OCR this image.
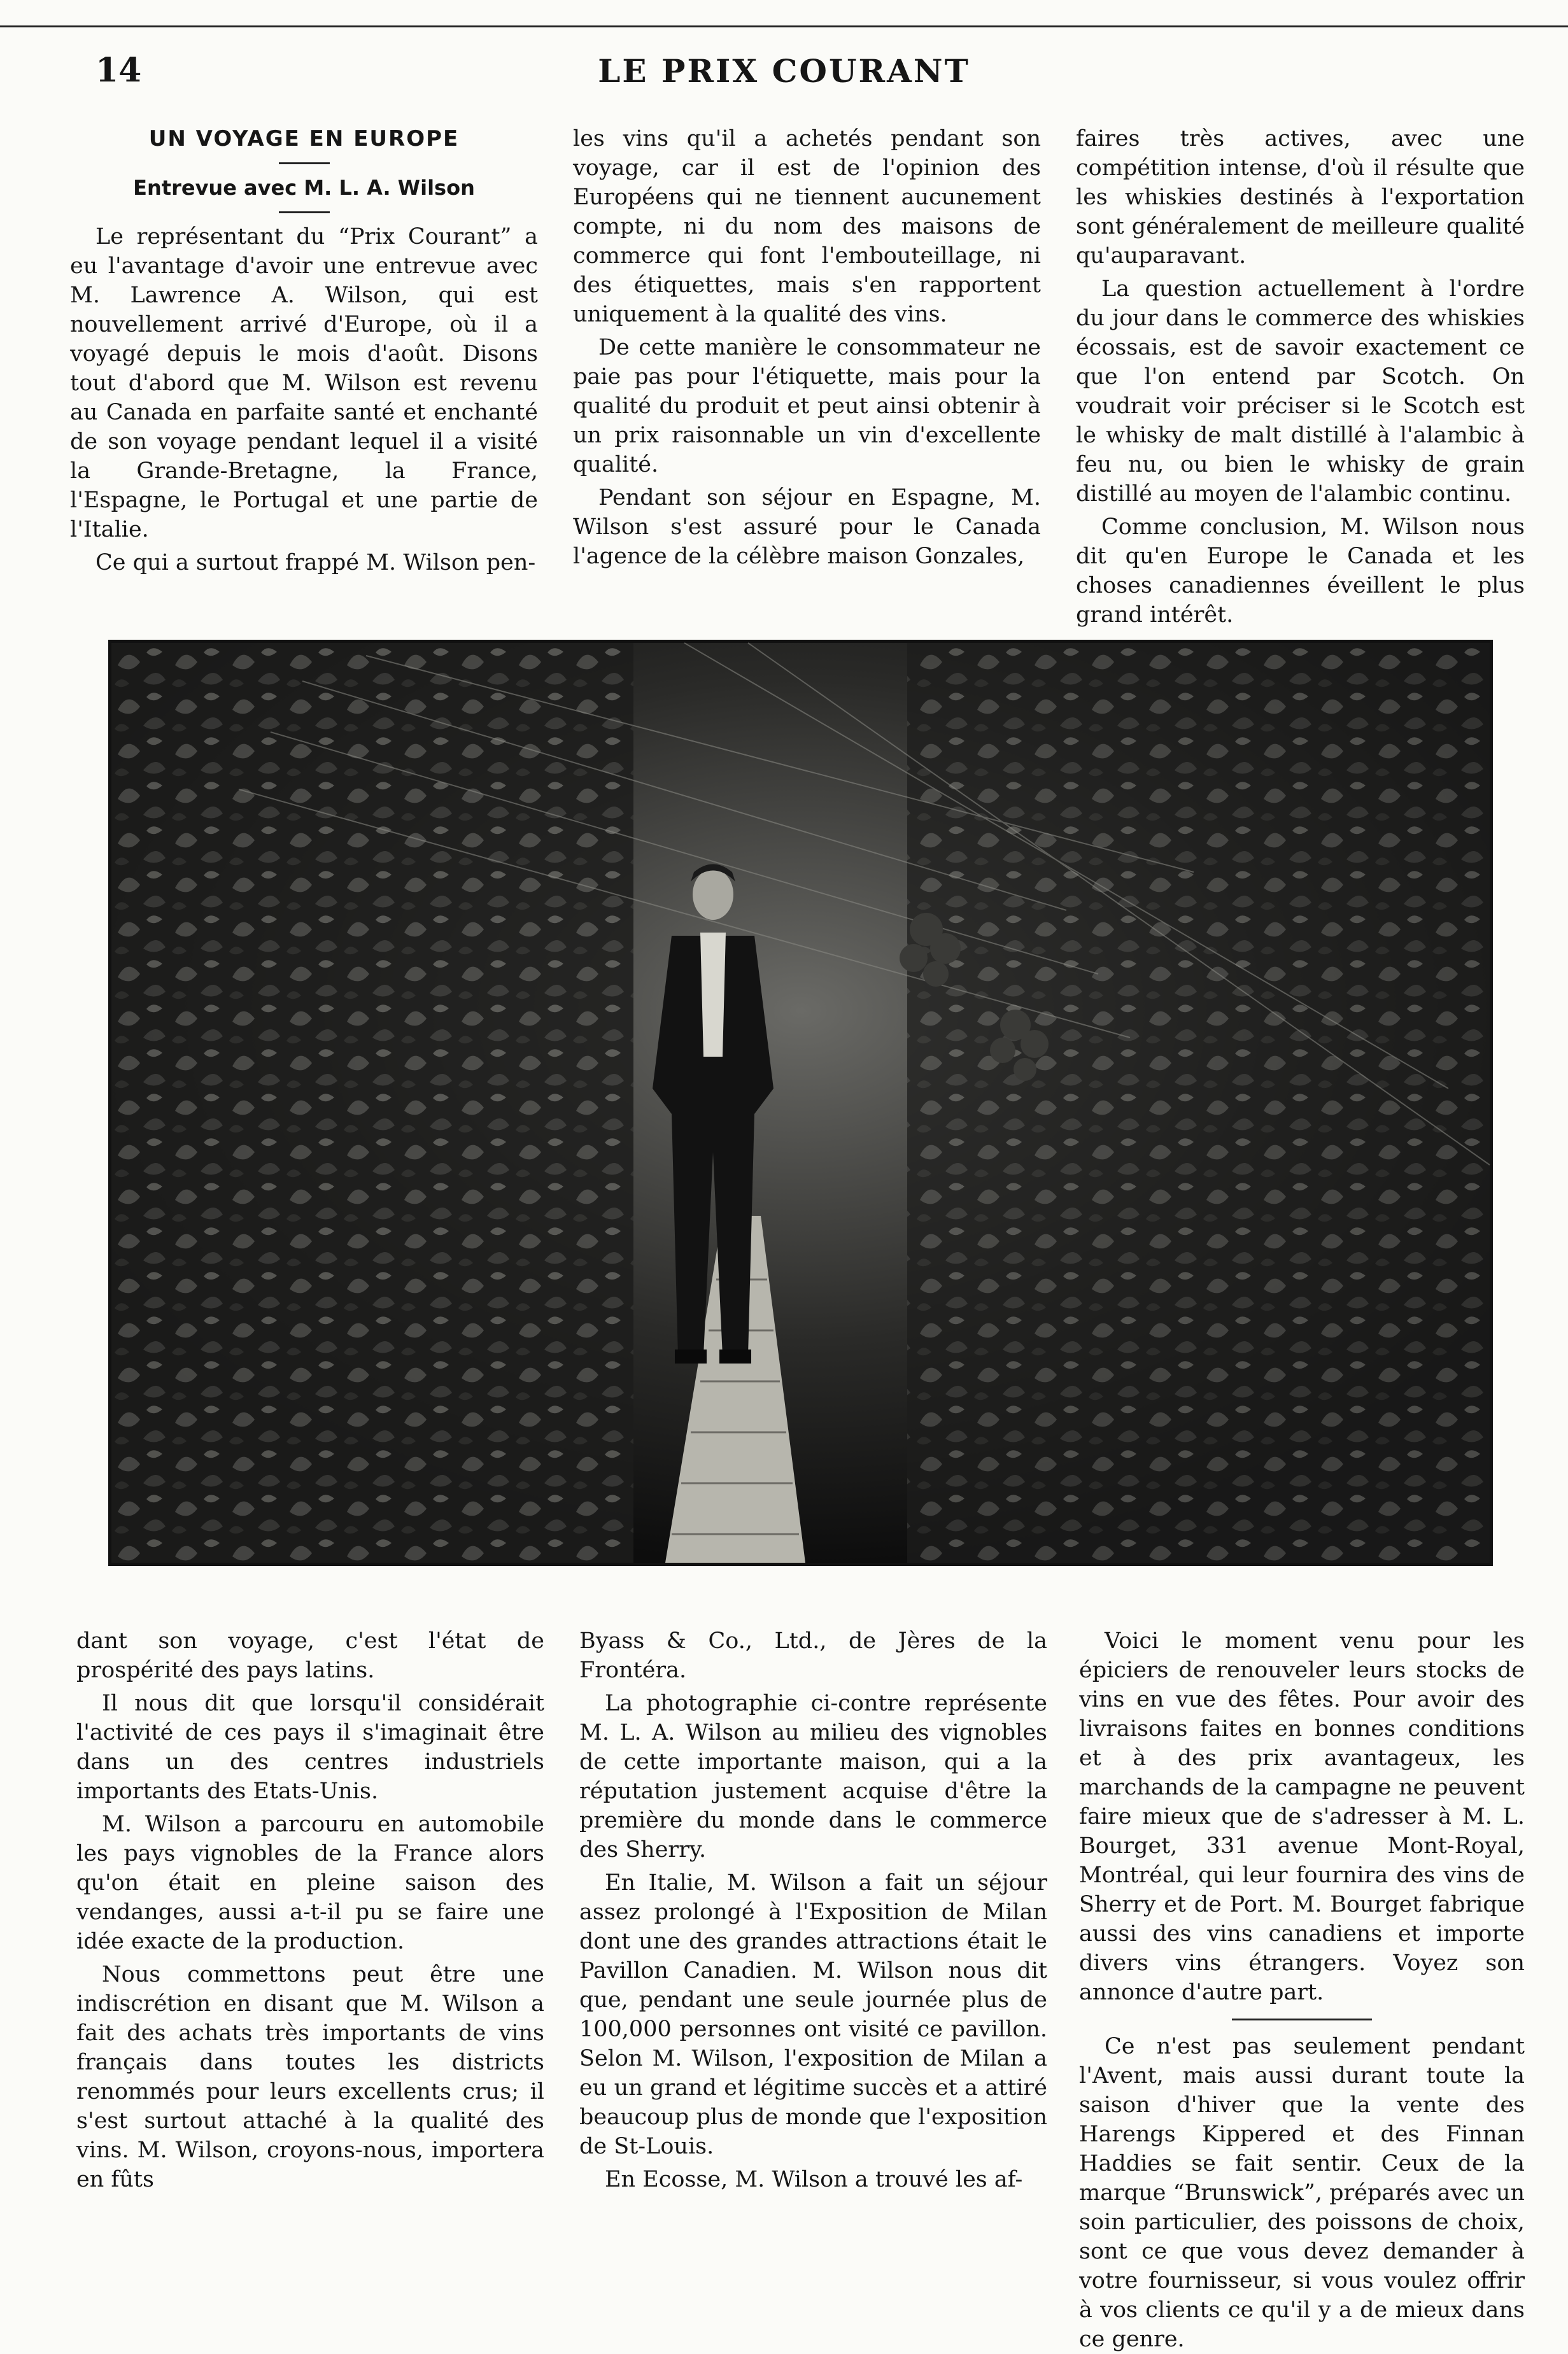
14	LE PRIX COURANT
UN VOYAGE EN EUROPE
Entrevue avec M. L. A. Wilson

Le représentant du “Prix Courant” a eu l'avantage d'avoir une entrevue avec M. Lawrence A. Wilson, qui est nouvellement arrivé d'Europe, où il a voyagé depuis le mois d'août. Disons tout d'abord que M. Wilson est revenu au Canada en parfaite santé et enchanté de son voyage pendant lequel il a visité la Grande-Bretagne, la France, l'Espagne, le Portugal et une partie de l'Italie.

Ce qui a surtout frappé M. Wilson pen-

les vins qu'il a achetés pendant son voyage, car il est de l'opinion des Européens qui ne tiennent aucunement compte, ni du nom des maisons de commerce qui font l'embouteillage, ni des étiquettes, mais s'en rapportent uniquement à la qualité des vins.

De cette manière le consommateur ne paie pas pour l'étiquette, mais pour la qualité du produit et peut ainsi obtenir à un prix raisonnable un vin d'excellente qualité.

Pendant son séjour en Espagne, M. Wilson s'est assuré pour le Canada l'agence de la célèbre maison Gonzales,

faires très actives, avec une compétition intense, d'où il résulte que les whiskies destinés à l'exportation sont généralement de meilleure qualité qu'auparavant.

La question actuellement à l'ordre du jour dans le commerce des whiskies écossais, est de savoir exactement ce que l'on entend par Scotch. On voudrait voir préciser si le Scotch est le whisky de malt distillé à l'alambic à feu nu, ou bien le whisky de grain distillé au moyen de l'alambic continu.

Comme conclusion, M. Wilson nous dit qu'en Europe le Canada et les choses canadiennes éveillent le plus grand intérêt.

dant son voyage, c'est l'état de prospérité des pays latins.

Il nous dit que lorsqu'il considérait l'activité de ces pays il s'imaginait être dans un des centres industriels importants des Etats-Unis.

M. Wilson a parcouru en automobile les pays vignobles de la France alors qu'on était en pleine saison des vendanges, aussi a-t-il pu se faire une idée exacte de la production.

Nous commettons peut être une indiscrétion en disant que M. Wilson a fait des achats très importants de vins français dans toutes les districts renommés pour leurs excellents crus; il s'est surtout attaché à la qualité des vins. M. Wilson, croyons-nous, importera en fûts

Byass & Co., Ltd., de Jères de la Frontéra.

La photographie ci-contre représente M. L. A. Wilson au milieu des vignobles de cette importante maison, qui a la réputation justement acquise d'être la première du monde dans le commerce des Sherry.

En Italie, M. Wilson a fait un séjour assez prolongé à l'Exposition de Milan dont une des grandes attractions était le Pavillon Canadien. M. Wilson nous dit que, pendant une seule journée plus de 100,000 personnes ont visité ce pavillon. Selon M. Wilson, l'exposition de Milan a eu un grand et légitime succès et a attiré beaucoup plus de monde que l'exposition de St-Louis.

En Ecosse, M. Wilson a trouvé les af-

Voici le moment venu pour les épiciers de renouveler leurs stocks de vins en vue des fêtes. Pour avoir des livraisons faites en bonnes conditions et à des prix avantageux, les marchands de la campagne ne peuvent faire mieux que de s'adresser à M. L. Bourget, 331 avenue Mont-Royal, Montréal, qui leur fournira des vins de Sherry et de Port. M. Bourget fabrique aussi des vins canadiens et importe divers vins étrangers. Voyez son annonce d'autre part.

Ce n'est pas seulement pendant l'Avent, mais aussi durant toute la saison d'hiver que la vente des Harengs Kippered et des Finnan Haddies se fait sentir. Ceux de la marque “Brunswick”, préparés avec un soin particulier, des poissons de choix, sont ce que vous devez demander à votre fournisseur, si vous voulez offrir à vos clients ce qu'il y a de mieux dans ce genre.
